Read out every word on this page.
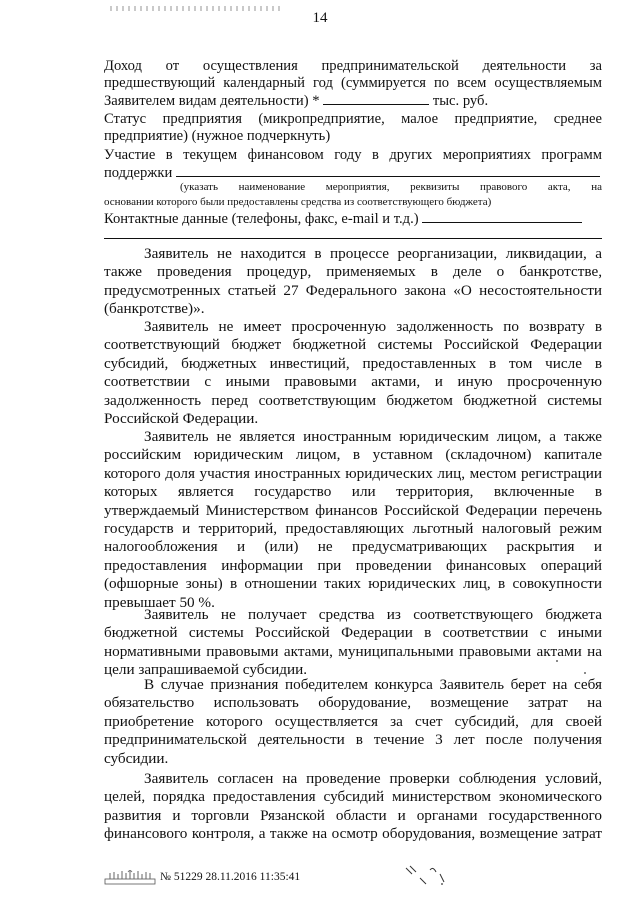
14
Доход от осуществления предпринимательской деятельности за
предшествующий календарный год (суммируется по всем осуществляемым
Заявителем видам деятельности) *	тыс. руб.
Статус предприятия (микропредприятие, малое предприятие, среднее
предприятие) (нужное подчеркнуть)
Участие в текущем финансовом году в других мероприятиях программ
поддержки
(указать наименование мероприятия, реквизиты правового акта, на
основании которого были предоставлены средства из соответствующего бюджета)
Контактные данные (телефоны, факс, e-mail и т.д.)
Заявитель не находится в процессе реорганизации, ликвидации, а
также проведения процедур, применяемых в деле о банкротстве,
предусмотренных статьей 27 Федерального закона «О несостоятельности
(банкротстве)».
Заявитель не имеет просроченную задолженность по возврату в
соответствующий бюджет бюджетной системы Российской Федерации
субсидий, бюджетных инвестиций, предоставленных в том числе в
соответствии с иными правовыми актами, и иную просроченную
задолженность перед соответствующим бюджетом бюджетной системы
Российской Федерации.
Заявитель не является иностранным юридическим лицом, а также
российским юридическим лицом, в уставном (складочном) капитале
которого доля участия иностранных юридических лиц, местом регистрации
которых является государство или территория, включенные в
утверждаемый Министерством финансов Российской Федерации перечень
государств и территорий, предоставляющих льготный налоговый режим
налогообложения и (или) не предусматривающих раскрытия и
предоставления информации при проведении финансовых операций
(офшорные зоны) в отношении таких юридических лиц, в совокупности
превышает 50 %.
Заявитель не получает средства из соответствующего бюджета
бюджетной системы Российской Федерации в соответствии с иными
нормативными правовыми актами, муниципальными правовыми актами на
цели запрашиваемой субсидии.
В случае признания победителем конкурса Заявитель берет на себя
обязательство использовать оборудование, возмещение затрат на
приобретение которого осуществляется за счет субсидий, для своей
предпринимательской деятельности в течение 3 лет после получения
субсидии.
Заявитель согласен на проведение проверки соблюдения условий,
целей, порядка предоставления субсидий министерством экономического
развития и торговли Рязанской области и органами государственного
финансового контроля, а также на осмотр оборудования, возмещение затрат
№ 51229 28.11.2016 11:35:41
